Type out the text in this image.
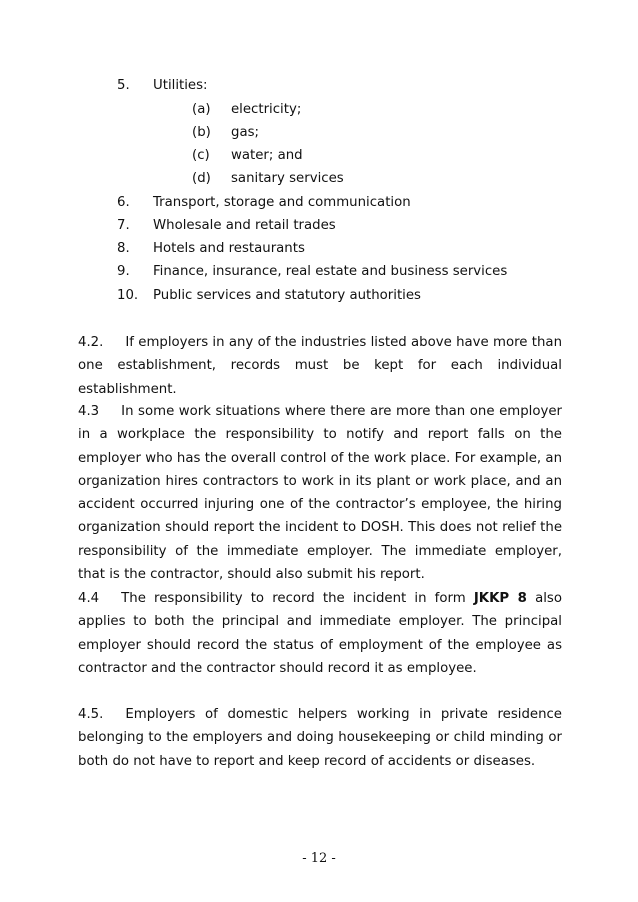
5. Utilities:
(a) electricity;
(b) gas;
(c) water; and
(d) sanitary services
6. Transport, storage and communication
7. Wholesale and retail trades
8. Hotels and restaurants
9. Finance, insurance, real estate and business services
10. Public services and statutory authorities

4.2. If employers in any of the industries listed above have more than one establishment, records must be kept for each individual establishment.

4.3 In some work situations where there are more than one employer in a workplace the responsibility to notify and report falls on the employer who has the overall control of the work place. For example, an organization hires contractors to work in its plant or work place, and an accident occurred injuring one of the contractor’s employee, the hiring organization should report the incident to DOSH. This does not relief the responsibility of the immediate employer. The immediate employer, that is the contractor, should also submit his report.

4.4 The responsibility to record the incident in form JKKP 8 also applies to both the principal and immediate employer. The principal employer should record the status of employment of the employee as contractor and the contractor should record it as employee.

4.5. Employers of domestic helpers working in private residence belonging to the employers and doing housekeeping or child minding or both do not have to report and keep record of accidents or diseases.

- 12 -
